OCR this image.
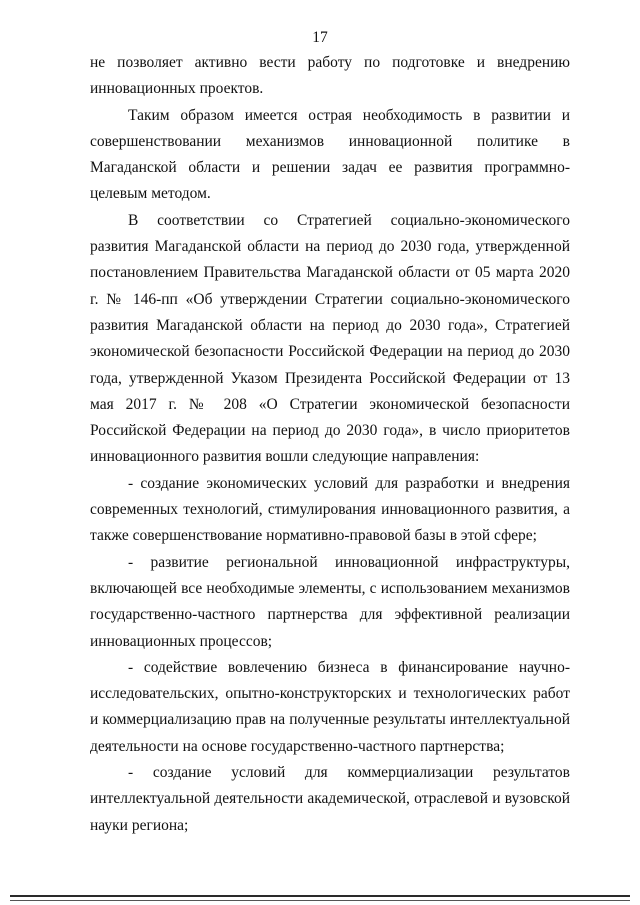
17

не позволяет активно вести работу по подготовке и внедрению инновационных проектов.

Таким образом имеется острая необходимость в развитии и совершенствовании механизмов инновационной политике в Магаданской области и решении задач ее развития программно-целевым методом.

В соответствии со Стратегией социально-экономического развития Магаданской области на период до 2030 года, утвержденной постановлением Правительства Магаданской области от 05 марта 2020 г. № 146-пп «Об утверждении Стратегии социально-экономического развития Магаданской области на период до 2030 года», Стратегией экономической безопасности Российской Федерации на период до 2030 года, утвержденной Указом Президента Российской Федерации от 13 мая 2017 г. № 208 «О Стратегии экономической безопасности Российской Федерации на период до 2030 года», в число приоритетов инновационного развития вошли следующие направления:

- создание экономических условий для разработки и внедрения современных технологий, стимулирования инновационного развития, а также совершенствование нормативно-правовой базы в этой сфере;

- развитие региональной инновационной инфраструктуры, включающей все необходимые элементы, с использованием механизмов государственно-частного партнерства для эффективной реализации инновационных процессов;

- содействие вовлечению бизнеса в финансирование научно-исследовательских, опытно-конструкторских и технологических работ и коммерциализацию прав на полученные результаты интеллектуальной деятельности на основе государственно-частного партнерства;

- создание условий для коммерциализации результатов интеллектуальной деятельности академической, отраслевой и вузовской науки региона;
